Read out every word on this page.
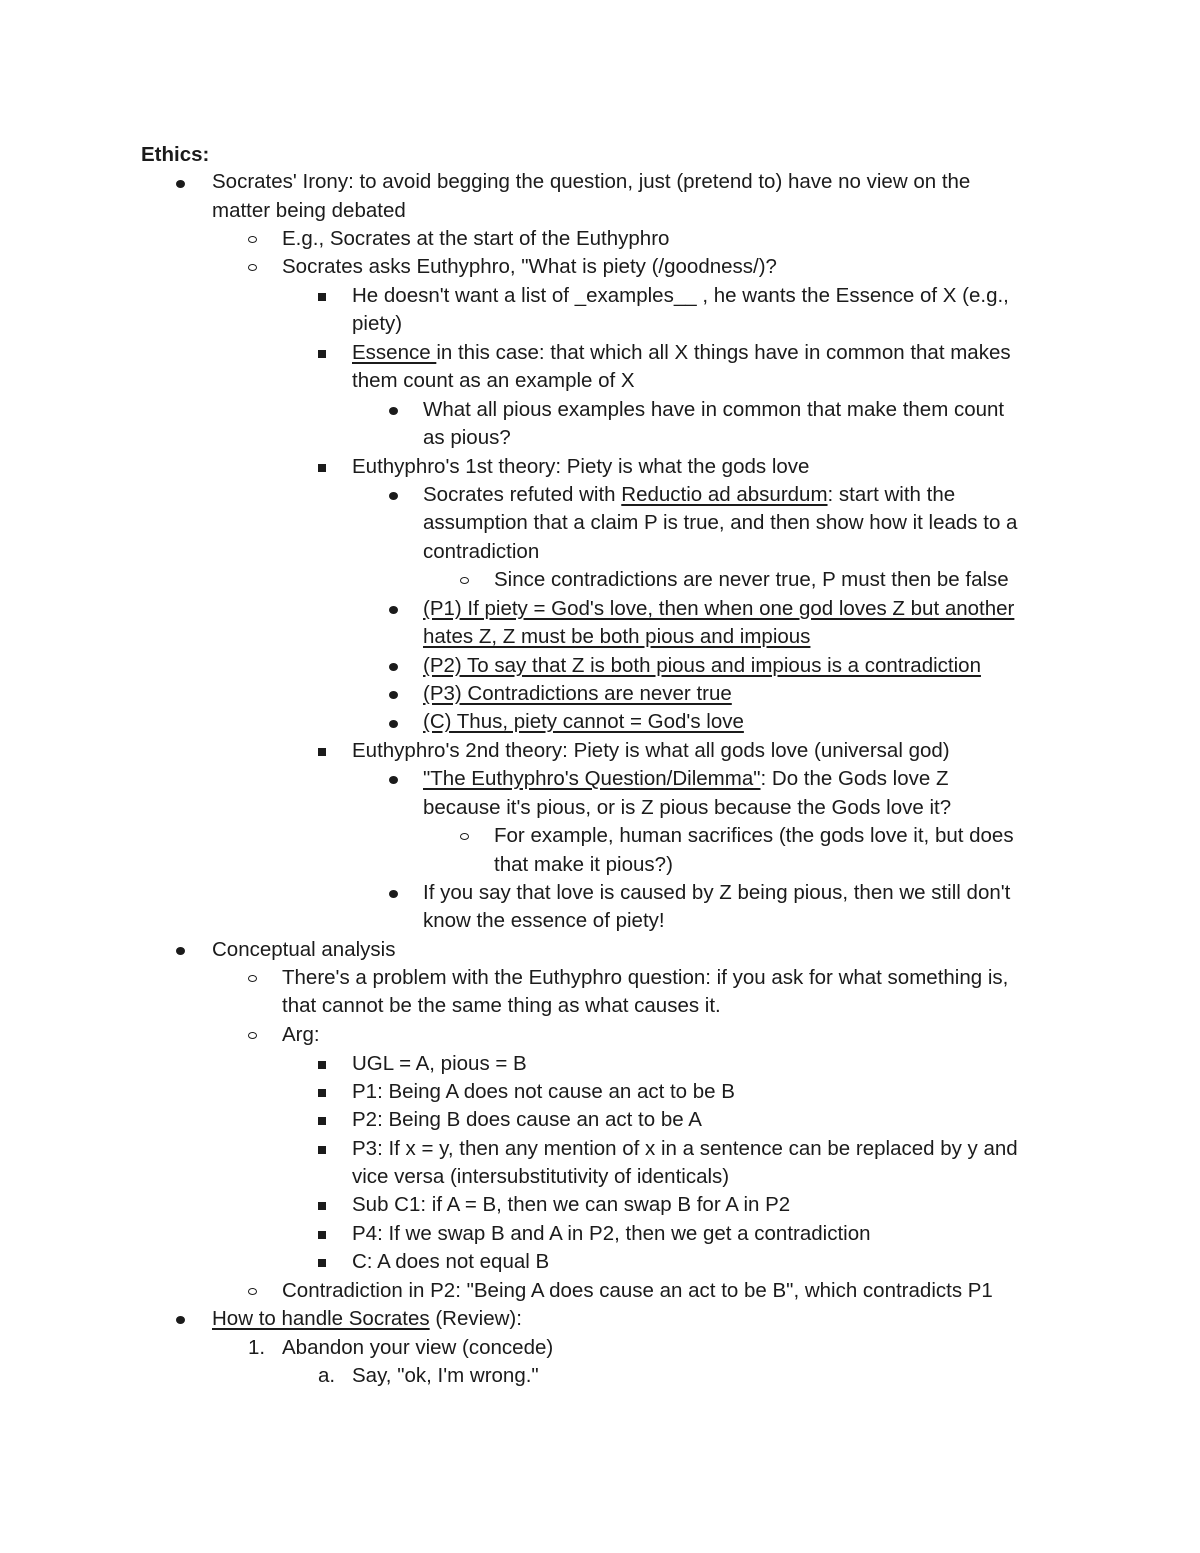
Ethics:

Socrates' Irony: to avoid begging the question, just (pretend to) have no view on the

matter being debated

E.g., Socrates at the start of the Euthyphro

Socrates asks Euthyphro, "What is piety (/goodness/)?

He doesn't want a list of _examples__ , he wants the Essence of X (e.g.,

piety)

Essence in this case: that which all X things have in common that makes

them count as an example of X

What all pious examples have in common that make them count

as pious?

Euthyphro's 1st theory: Piety is what the gods love

Socrates refuted with Reductio ad absurdum: start with the

assumption that a claim P is true, and then show how it leads to a

contradiction

Since contradictions are never true, P must then be false

(P1) If piety = God's love, then when one god loves Z but another

hates Z, Z must be both pious and impious

(P2) To say that Z is both pious and impious is a contradiction

(P3) Contradictions are never true

(C) Thus, piety cannot = God's love

Euthyphro's 2nd theory: Piety is what all gods love (universal god)

"The Euthyphro's Question/Dilemma": Do the Gods love Z

because it's pious, or is Z pious because the Gods love it?

For example, human sacrifices (the gods love it, but does

that make it pious?)

If you say that love is caused by Z being pious, then we still don't

know the essence of piety!

Conceptual analysis

There's a problem with the Euthyphro question: if you ask for what something is,

that cannot be the same thing as what causes it.

Arg:

UGL = A, pious = B

P1: Being A does not cause an act to be B

P2: Being B does cause an act to be A

P3: If x = y, then any mention of x in a sentence can be replaced by y and

vice versa (intersubstitutivity of identicals)

Sub C1: if A = B, then we can swap B for A in P2

P4: If we swap B and A in P2, then we get a contradiction

C: A does not equal B

Contradiction in P2: "Being A does cause an act to be B", which contradicts P1

How to handle Socrates (Review):

1. Abandon your view (concede)

a. Say, "ok, I'm wrong."
